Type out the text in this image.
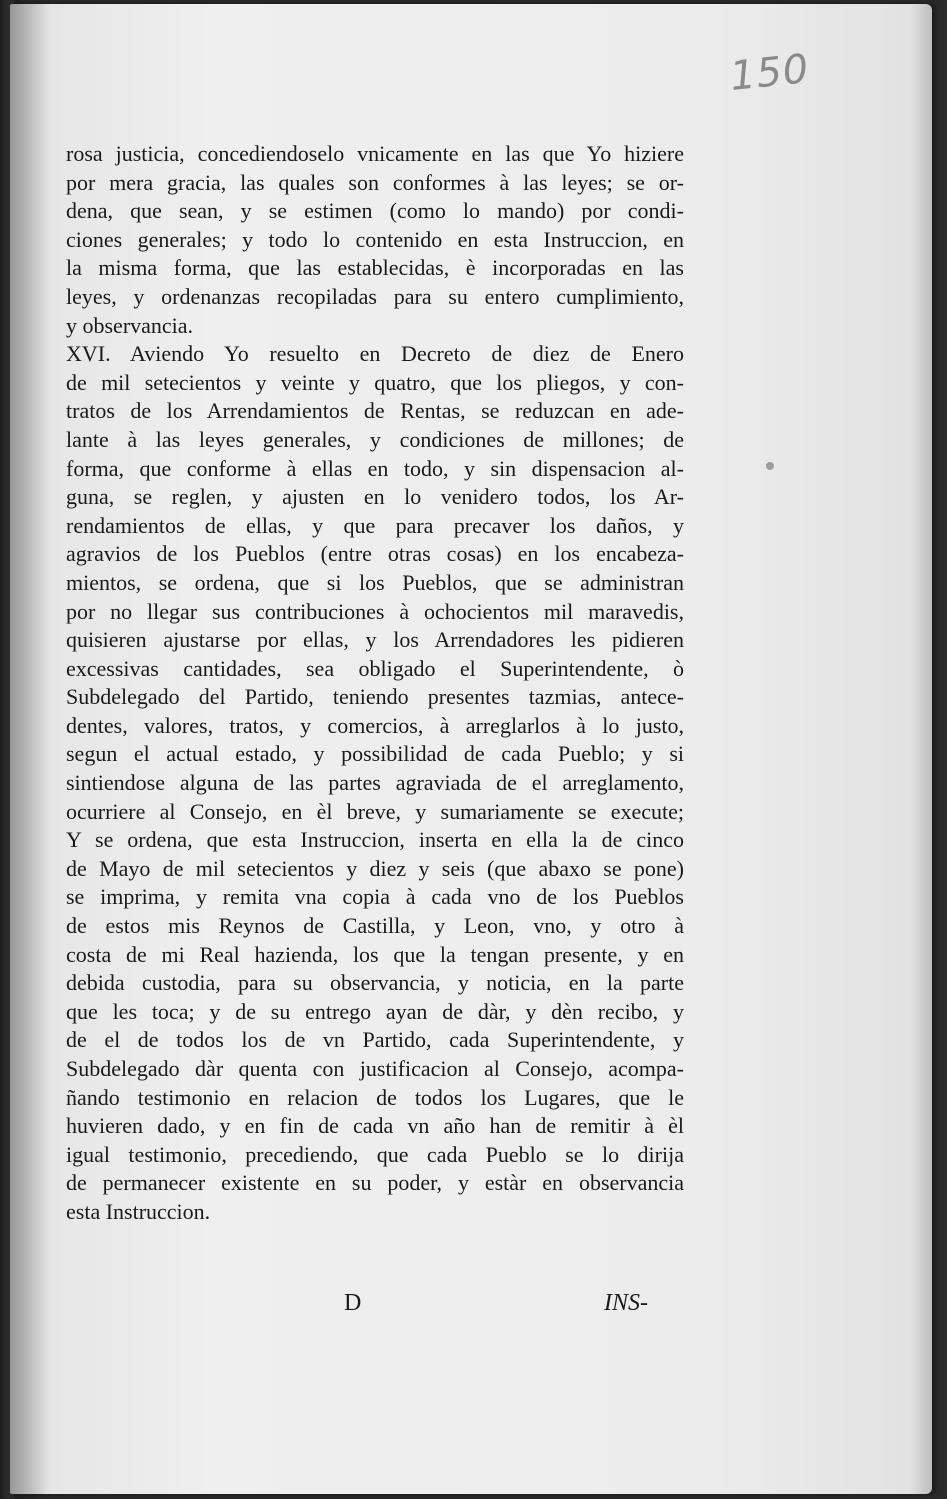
150
rosa justicia, concediendoselo vnicamente en las que Yo hiziere
por mera gracia, las quales son conformes à las leyes; se or-
dena, que sean, y se estimen (como lo mando) por condi-
ciones generales; y todo lo contenido en esta Instruccion, en
la misma forma, que las establecidas, è incorporadas en las
leyes, y ordenanzas recopiladas para su entero cumplimiento,
y observancia.
XVI. Aviendo Yo resuelto en Decreto de diez de Enero
de mil setecientos y veinte y quatro, que los pliegos, y con-
tratos de los Arrendamientos de Rentas, se reduzcan en ade-
lante à las leyes generales, y condiciones de millones; de
forma, que conforme à ellas en todo, y sin dispensacion al-
guna, se reglen, y ajusten en lo venidero todos, los Ar-
rendamientos de ellas, y que para precaver los daños, y
agravios de los Pueblos (entre otras cosas) en los encabeza-
mientos, se ordena, que si los Pueblos, que se administran
por no llegar sus contribuciones à ochocientos mil maravedis,
quisieren ajustarse por ellas, y los Arrendadores les pidieren
excessivas cantidades, sea obligado el Superintendente, ò
Subdelegado del Partido, teniendo presentes tazmias, antece-
dentes, valores, tratos, y comercios, à arreglarlos à lo justo,
segun el actual estado, y possibilidad de cada Pueblo; y si
sintiendose alguna de las partes agraviada de el arreglamento,
ocurriere al Consejo, en èl breve, y sumariamente se execute;
Y se ordena, que esta Instruccion, inserta en ella la de cinco
de Mayo de mil setecientos y diez y seis (que abaxo se pone)
se imprima, y remita vna copia à cada vno de los Pueblos
de estos mis Reynos de Castilla, y Leon, vno, y otro à
costa de mi Real hazienda, los que la tengan presente, y en
debida custodia, para su observancia, y noticia, en la parte
que les toca; y de su entrego ayan de dàr, y dèn recibo, y
de el de todos los de vn Partido, cada Superintendente, y
Subdelegado dàr quenta con justificacion al Consejo, acompa-
ñando testimonio en relacion de todos los Lugares, que le
huvieren dado, y en fin de cada vn año han de remitir à èl
igual testimonio, precediendo, que cada Pueblo se lo dirija
de permanecer existente en su poder, y estàr en observancia
esta Instruccion.
D	INS-
